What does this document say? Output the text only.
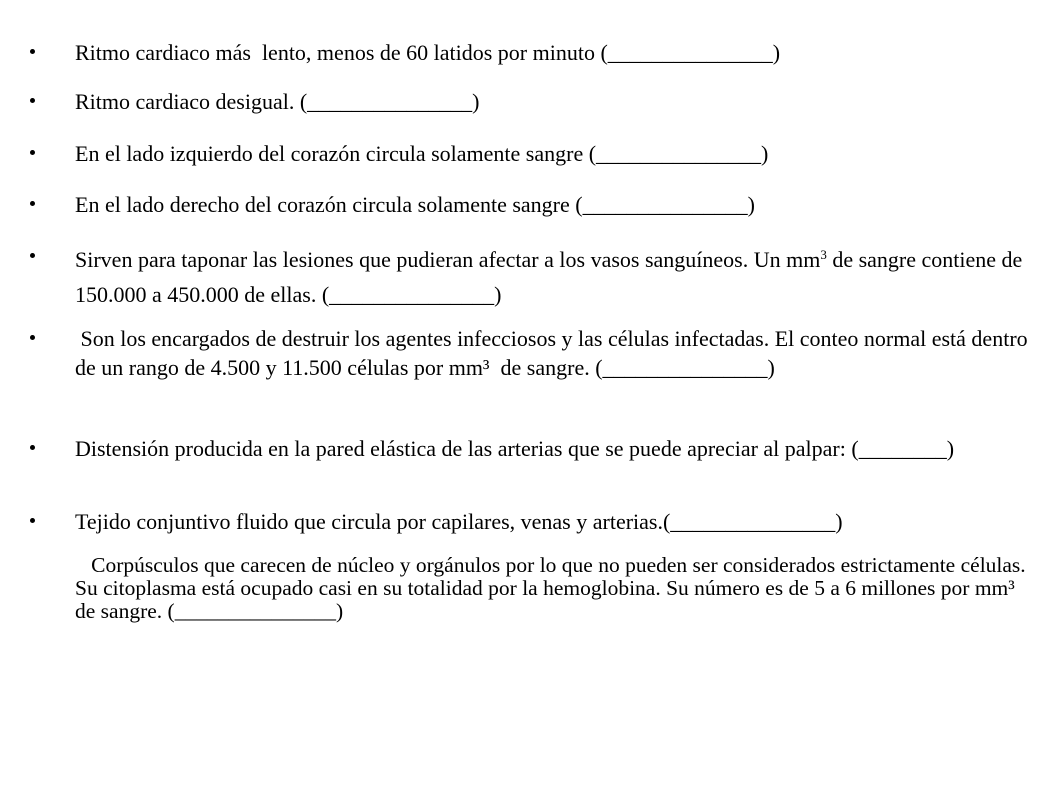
Ritmo cardiaco más  lento, menos de 60 latidos por minuto (_______________)
Ritmo cardiaco desigual. (_______________)
En el lado izquierdo del corazón circula solamente sangre (_______________)
En el lado derecho del corazón circula solamente sangre (_______________)
Sirven para taponar las lesiones que pudieran afectar a los vasos sanguíneos. Un $mm^3$ de sangre contiene de 150.000 a 450.000 de ellas. (_______________)
Son los encargados de destruir los agentes infecciosos y las células infectadas. El conteo normal está dentro de un rango de 4.500 y 11.500 células por mm³  de sangre. (_______________)
Distensión producida en la pared elástica de las arterias que se puede apreciar al palpar: (________)
Tejido conjuntivo fluido que circula por capilares, venas y arterias.(_______________)
Corpúsculos que carecen de núcleo y orgánulos por lo que no pueden ser considerados estrictamente células. Su citoplasma está ocupado casi en su totalidad por la hemoglobina. Su número es de 5 a 6 millones por mm³  de sangre. (_______________)
